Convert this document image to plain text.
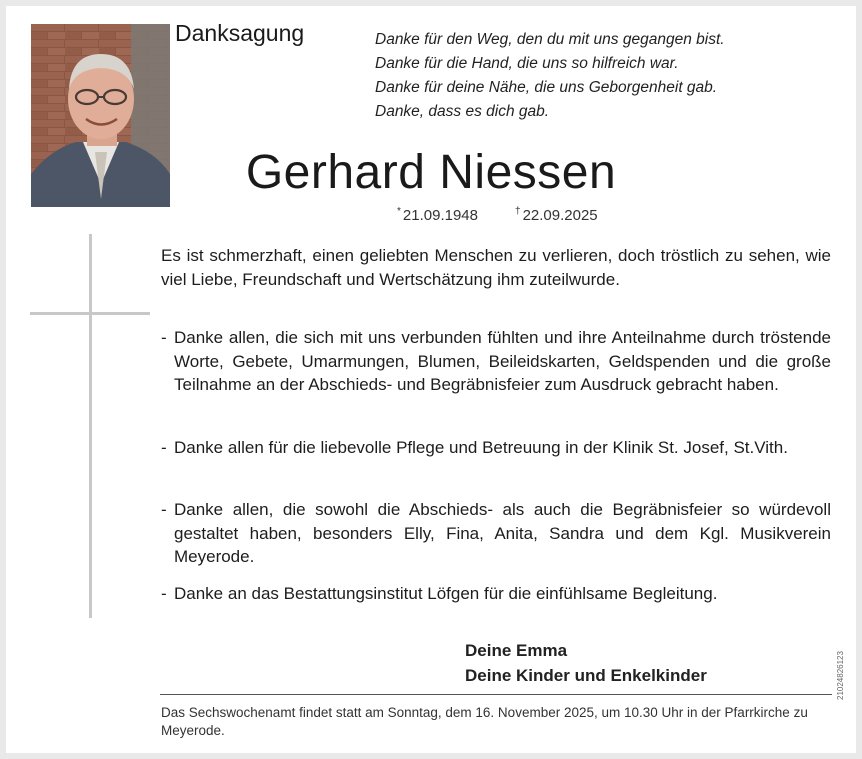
Danksagung	Danke für den Weg, den du mit uns gegangen bist.
Danke für die Hand, die uns so hilfreich war.
Danke für deine Nähe, die uns Geborgenheit gab.
Danke, dass es dich gab.
Gerhard Niessen
* 21.09.1948	† 22.09.2025
Es ist schmerzhaft, einen geliebten Menschen zu verlieren, doch tröstlich zu sehen, wie viel Liebe, Freundschaft und Wertschätzung ihm zuteilwurde.
- Danke allen, die sich mit uns verbunden fühlten und ihre Anteilnahme durch tröstende Worte, Gebete, Umarmungen, Blumen, Beileidskarten, Geldspenden und die große Teilnahme an der Abschieds- und Begräbnisfeier zum Ausdruck gebracht haben.
- Danke allen für die liebevolle Pflege und Betreuung in der Klinik St. Josef, St.Vith.
- Danke allen, die sowohl die Abschieds- als auch die Begräbnisfeier so würdevoll gestaltet haben, besonders Elly, Fina, Anita, Sandra und dem Kgl. Musikverein Meyerode.
- Danke an das Bestattungsinstitut Löfgen für die einfühlsame Begleitung.
Deine Emma
Deine Kinder und Enkelkinder
Das Sechswochenamt findet statt am Sonntag, dem 16. November 2025, um 10.30 Uhr in der Pfarrkirche zu Meyerode.
21024826123
